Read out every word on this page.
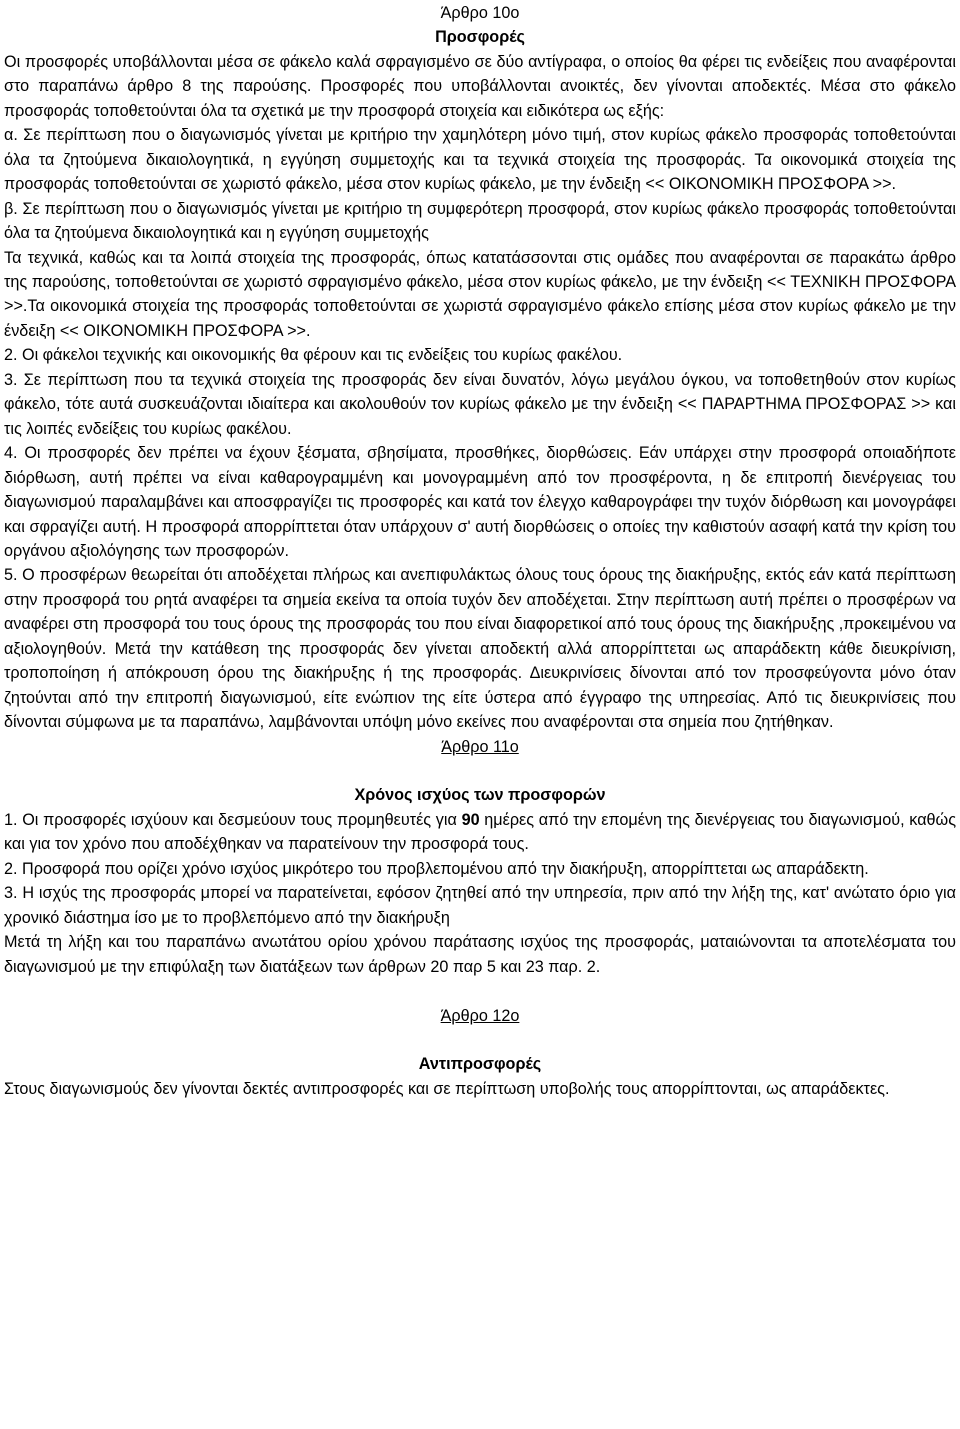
Άρθρο 10ο
Προσφορές

Οι προσφορές υποβάλλονται μέσα σε φάκελο καλά σφραγισμένο σε δύο αντίγραφα, ο οποίος θα φέρει τις ενδείξεις που αναφέρονται στο παραπάνω άρθρο 8 της παρούσης. Προσφορές που υποβάλλονται ανοικτές, δεν γίνονται αποδεκτές. Μέσα στο φάκελο προσφοράς τοποθετούνται όλα τα σχετικά με την προσφορά στοιχεία και ειδικότερα ως εξής:

α. Σε περίπτωση που ο διαγωνισμός γίνεται με κριτήριο την χαμηλότερη μόνο τιμή, στον κυρίως φάκελο προσφοράς τοποθετούνται όλα τα ζητούμενα δικαιολογητικά, η εγγύηση συμμετοχής και τα τεχνικά στοιχεία της προσφοράς. Τα οικονομικά στοιχεία της προσφοράς τοποθετούνται σε χωριστό φάκελο, μέσα στον κυρίως φάκελο, με την ένδειξη << ΟΙΚΟΝΟΜΙΚΗ ΠΡΟΣΦΟΡΑ >>.

β. Σε περίπτωση που ο διαγωνισμός γίνεται με κριτήριο τη συμφερότερη προσφορά, στον κυρίως φάκελο προσφοράς τοποθετούνται όλα τα ζητούμενα δικαιολογητικά και η εγγύηση συμμετοχής

Τα τεχνικά, καθώς και τα λοιπά στοιχεία της προσφοράς, όπως κατατάσσονται στις ομάδες που αναφέρονται σε παρακάτω άρθρο της παρούσης, τοποθετούνται σε χωριστό σφραγισμένο φάκελο, μέσα στον κυρίως φάκελο, με την ένδειξη << ΤΕΧΝΙΚΗ ΠΡΟΣΦΟΡΑ >>.Τα οικονομικά στοιχεία της προσφοράς τοποθετούνται σε χωριστά σφραγισμένο φάκελο επίσης μέσα στον κυρίως φάκελο με την ένδειξη << ΟΙΚΟΝΟΜΙΚΗ ΠΡΟΣΦΟΡΑ >>.

2. Οι φάκελοι τεχνικής και οικονομικής θα φέρουν και τις ενδείξεις του κυρίως φακέλου.

3. Σε περίπτωση που τα τεχνικά στοιχεία της προσφοράς δεν είναι δυνατόν, λόγω μεγάλου όγκου, να τοποθετηθούν στον κυρίως φάκελο, τότε αυτά συσκευάζονται ιδιαίτερα και ακολουθούν τον κυρίως φάκελο με την ένδειξη << ΠΑΡΑΡΤΗΜΑ ΠΡΟΣΦΟΡΑΣ >> και τις λοιπές ενδείξεις του κυρίως φακέλου.

4. Οι προσφορές δεν πρέπει να έχουν ξέσματα, σβησίματα, προσθήκες, διορθώσεις. Εάν υπάρχει στην προσφορά οποιαδήποτε διόρθωση, αυτή πρέπει να είναι καθαρογραμμένη και μονογραμμένη από τον προσφέροντα, η δε επιτροπή διενέργειας του διαγωνισμού παραλαμβάνει και αποσφραγίζει τις προσφορές και κατά τον έλεγχο καθαρογράφει την τυχόν διόρθωση και μονογράφει και σφραγίζει αυτή. Η προσφορά απορρίπτεται όταν υπάρχουν σ' αυτή διορθώσεις ο οποίες την καθιστούν ασαφή κατά την κρίση του οργάνου αξιολόγησης των προσφορών.

5. Ο προσφέρων θεωρείται ότι αποδέχεται πλήρως και ανεπιφυλάκτως όλους τους όρους της διακήρυξης, εκτός εάν κατά περίπτωση στην προσφορά του ρητά αναφέρει τα σημεία εκείνα τα οποία τυχόν δεν αποδέχεται. Στην περίπτωση αυτή πρέπει ο προσφέρων να αναφέρει στη προσφορά του τους όρους της προσφοράς του που είναι διαφορετικοί από τους όρους της διακήρυξης ,προκειμένου να αξιολογηθούν. Μετά την κατάθεση της προσφοράς δεν γίνεται αποδεκτή αλλά απορρίπτεται ως απαράδεκτη κάθε διευκρίνιση, τροποποίηση ή απόκρουση όρου της διακήρυξης ή της προσφοράς. Διευκρινίσεις δίνονται από τον προσφεύγοντα μόνο όταν ζητούνται από την επιτροπή διαγωνισμού, είτε ενώπιον της είτε ύστερα από έγγραφο της υπηρεσίας. Από τις διευκρινίσεις που δίνονται σύμφωνα με τα παραπάνω, λαμβάνονται υπόψη μόνο εκείνες που αναφέρονται στα σημεία που ζητήθηκαν.

Άρθρο 11ο
Χρόνος ισχύος των προσφορών

1. Οι προσφορές ισχύουν και δεσμεύουν τους προμηθευτές για 90 ημέρες από την επομένη της διενέργειας του διαγωνισμού, καθώς και για τον χρόνο που αποδέχθηκαν να παρατείνουν την προσφορά τους.

2. Προσφορά που ορίζει χρόνο ισχύος μικρότερο του προβλεπομένου από την διακήρυξη, απορρίπτεται ως απαράδεκτη.

3. Η ισχύς της προσφοράς μπορεί να παρατείνεται, εφόσον ζητηθεί από την υπηρεσία, πριν από την λήξη της, κατ' ανώτατο όριο για χρονικό διάστημα ίσο με το προβλεπόμενο από την διακήρυξη

Μετά τη λήξη και του παραπάνω ανωτάτου ορίου χρόνου παράτασης ισχύος της προσφοράς, ματαιώνονται τα αποτελέσματα του διαγωνισμού με την επιφύλαξη των διατάξεων των άρθρων 20 παρ 5 και 23 παρ. 2.

Άρθρο 12ο
Αντιπροσφορές

Στους διαγωνισμούς δεν γίνονται δεκτές αντιπροσφορές και σε περίπτωση υποβολής τους απορρίπτονται, ως απαράδεκτες.
